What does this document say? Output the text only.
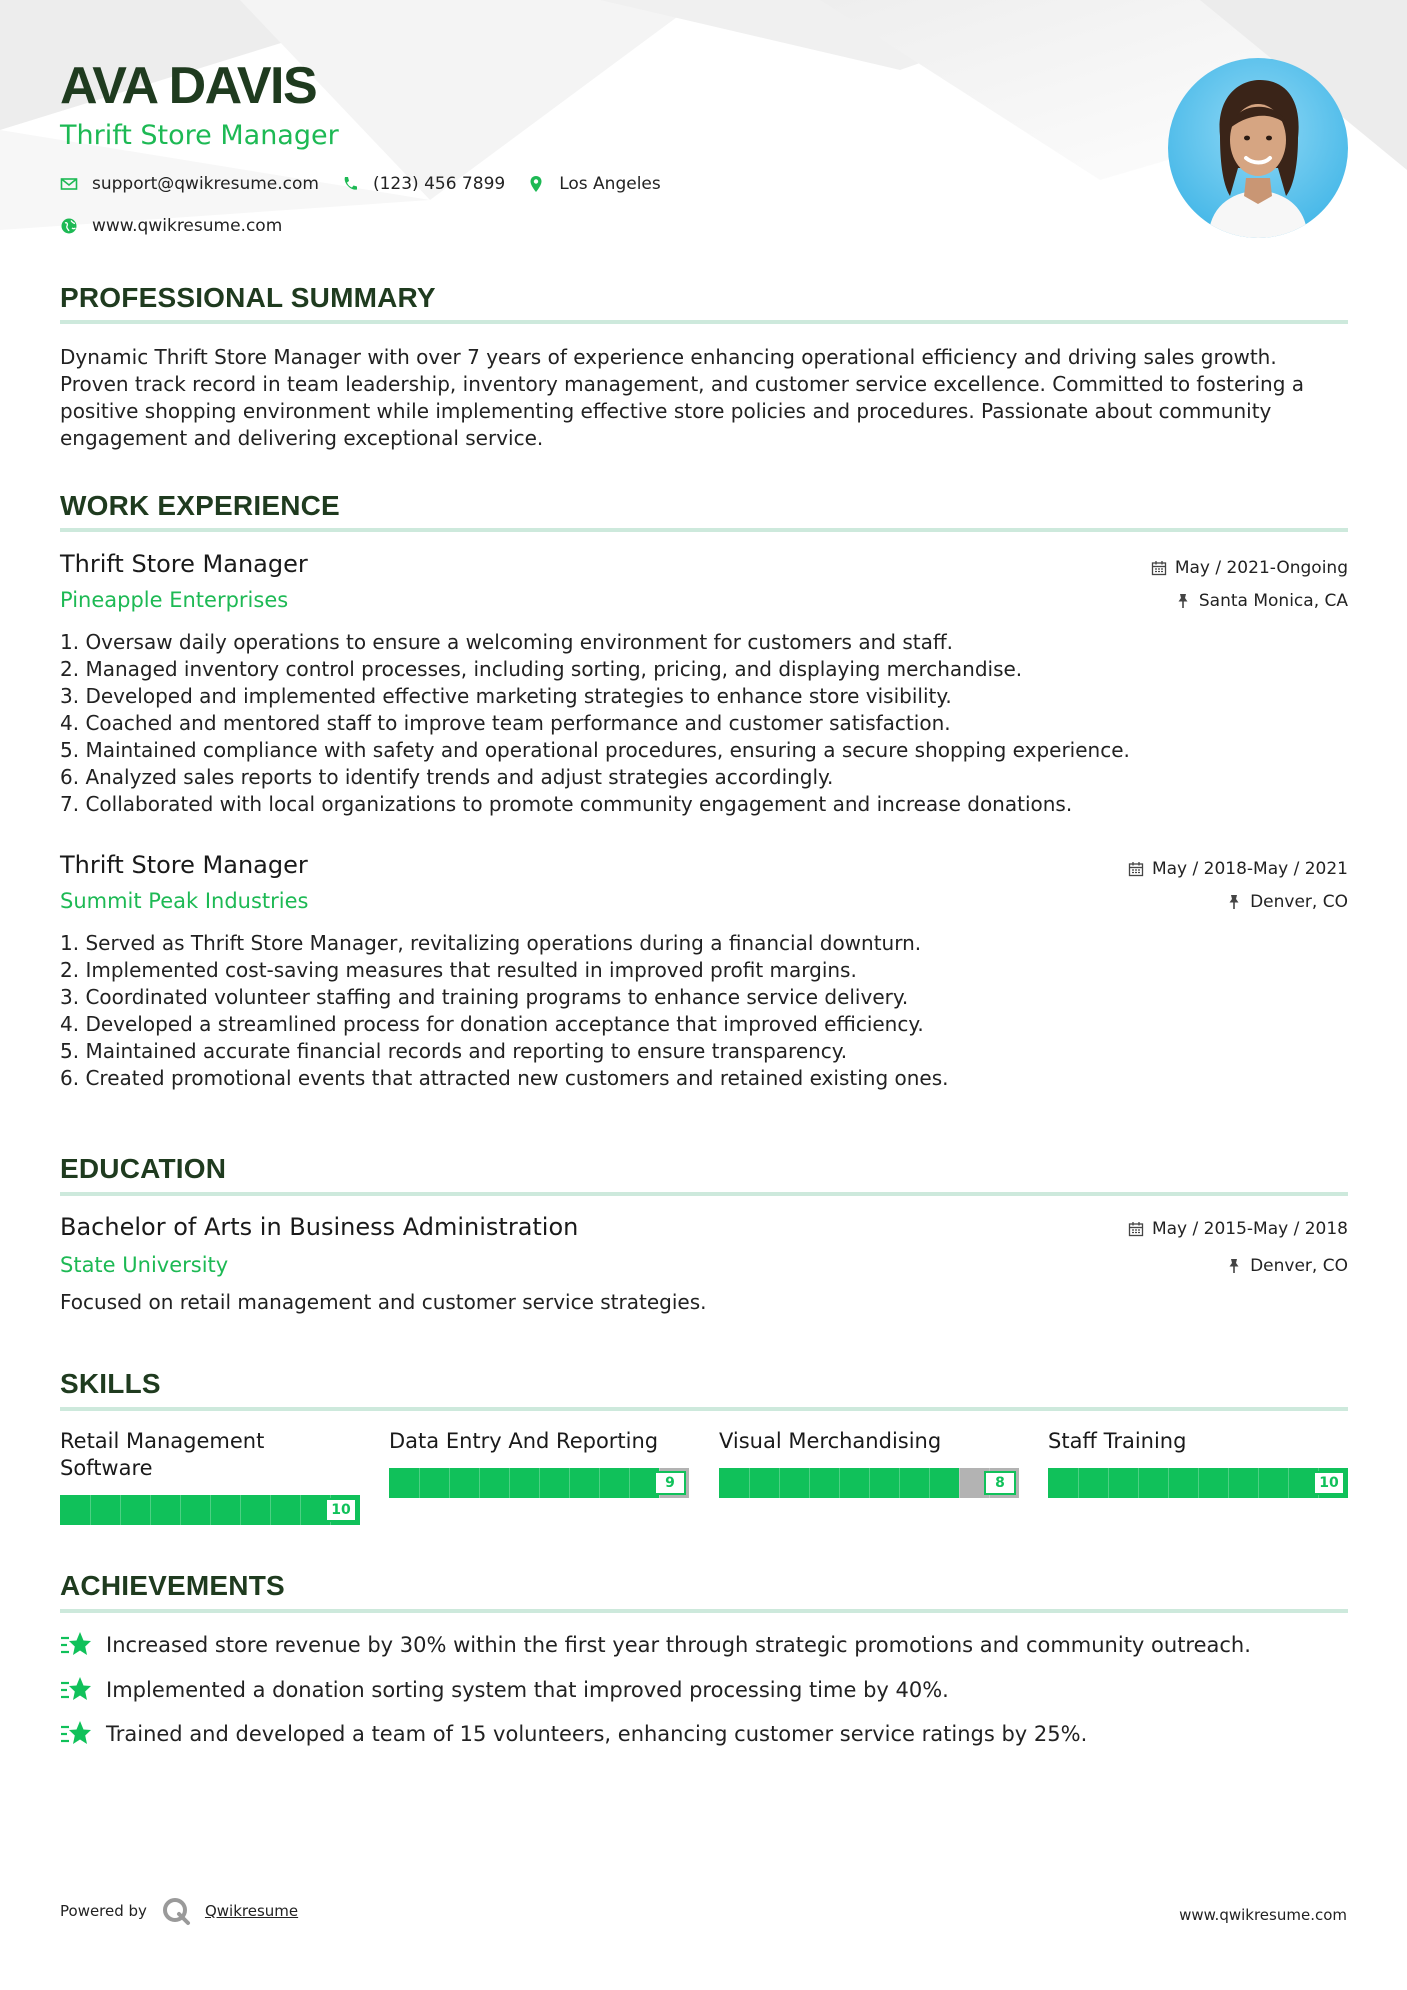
AVA DAVIS
Thrift Store Manager
support@qwikresume.com	(123) 456 7899	Los Angeles
www.qwikresume.com
PROFESSIONAL SUMMARY
Dynamic Thrift Store Manager with over 7 years of experience enhancing operational efficiency and driving sales growth. Proven track record in team leadership, inventory management, and customer service excellence. Committed to fostering a positive shopping environment while implementing effective store policies and procedures. Passionate about community engagement and delivering exceptional service.
WORK EXPERIENCE
Thrift Store Manager	May / 2021-Ongoing
Pineapple Enterprises	Santa Monica, CA
1. Oversaw daily operations to ensure a welcoming environment for customers and staff.
2. Managed inventory control processes, including sorting, pricing, and displaying merchandise.
3. Developed and implemented effective marketing strategies to enhance store visibility.
4. Coached and mentored staff to improve team performance and customer satisfaction.
5. Maintained compliance with safety and operational procedures, ensuring a secure shopping experience.
6. Analyzed sales reports to identify trends and adjust strategies accordingly.
7. Collaborated with local organizations to promote community engagement and increase donations.
Thrift Store Manager	May / 2018-May / 2021
Summit Peak Industries	Denver, CO
1. Served as Thrift Store Manager, revitalizing operations during a financial downturn.
2. Implemented cost-saving measures that resulted in improved profit margins.
3. Coordinated volunteer staffing and training programs to enhance service delivery.
4. Developed a streamlined process for donation acceptance that improved efficiency.
5. Maintained accurate financial records and reporting to ensure transparency.
6. Created promotional events that attracted new customers and retained existing ones.
EDUCATION
Bachelor of Arts in Business Administration	May / 2015-May / 2018
State University	Denver, CO
Focused on retail management and customer service strategies.
SKILLS
Retail Management
Software
10
Data Entry And Reporting
9
Visual Merchandising
8
Staff Training
10
ACHIEVEMENTS
Increased store revenue by 30% within the first year through strategic promotions and community outreach.
Implemented a donation sorting system that improved processing time by 40%.
Trained and developed a team of 15 volunteers, enhancing customer service ratings by 25%.
Powered by	Qwikresume	www.qwikresume.com
